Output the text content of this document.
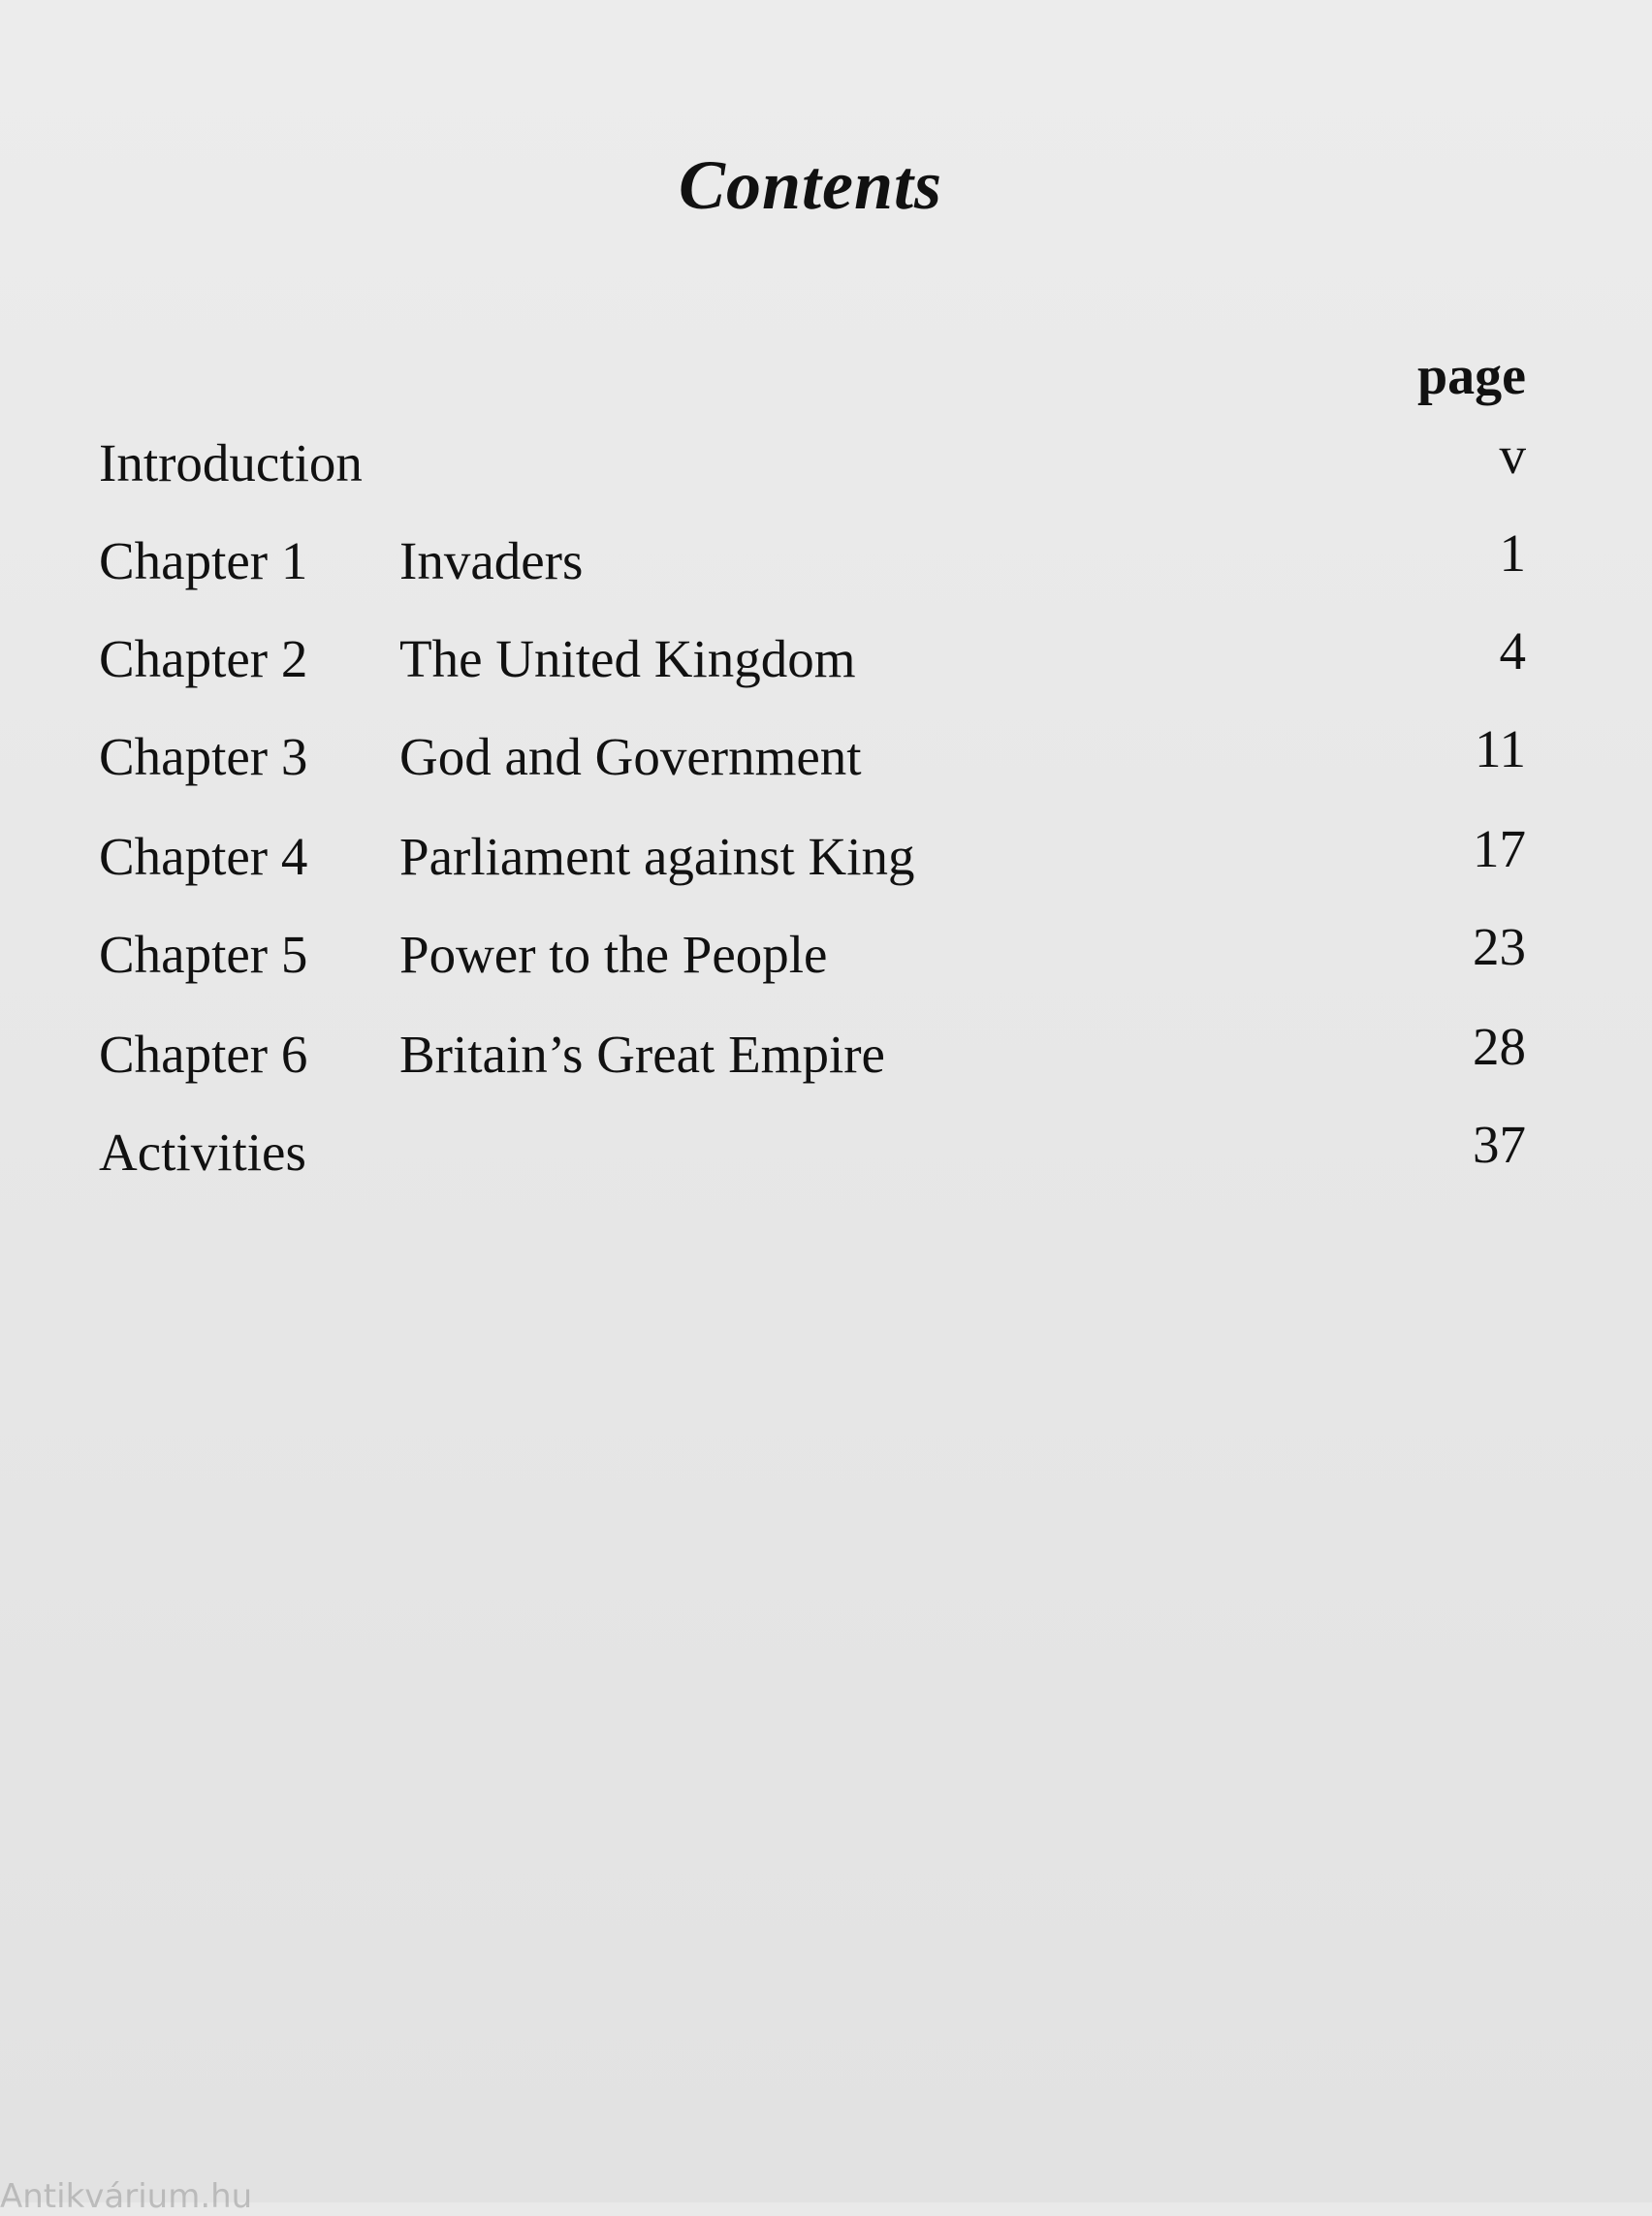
Contents
page
Introduction	v
Chapter 1 Invaders	1
Chapter 2 The United Kingdom	4
Chapter 3 God and Government	11
Chapter 4 Parliament against King	17
Chapter 5 Power to the People	23
Chapter 6 Britain’s Great Empire	28
Activities	37
Antikvárium.hu
